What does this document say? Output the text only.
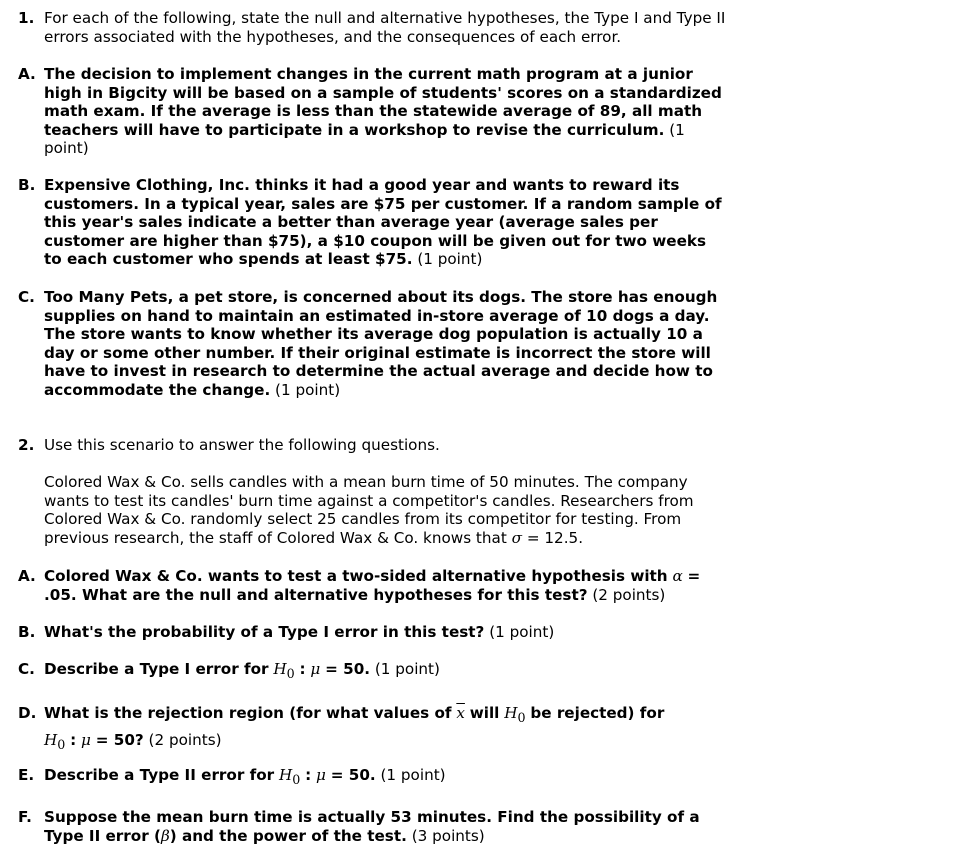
1. For each of the following, state the null and alternative hypotheses, the Type I and Type II errors associated with the hypotheses, and the consequences of each error.
A. The decision to implement changes in the current math program at a junior high in Bigcity will be based on a sample of students' scores on a standardized math exam. If the average is less than the statewide average of 89, all math teachers will have to participate in a workshop to revise the curriculum. (1 point)
B. Expensive Clothing, Inc. thinks it had a good year and wants to reward its customers. In a typical year, sales are $75 per customer. If a random sample of this year's sales indicate a better than average year (average sales per customer are higher than $75), a $10 coupon will be given out for two weeks to each customer who spends at least $75. (1 point)
C. Too Many Pets, a pet store, is concerned about its dogs. The store has enough supplies on hand to maintain an estimated in-store average of 10 dogs a day. The store wants to know whether its average dog population is actually 10 a day or some other number. If their original estimate is incorrect the store will have to invest in research to determine the actual average and decide how to accommodate the change. (1 point)
2. Use this scenario to answer the following questions.
Colored Wax & Co. sells candles with a mean burn time of 50 minutes. The company wants to test its candles' burn time against a competitor's candles. Researchers from Colored Wax & Co. randomly select 25 candles from its competitor for testing. From previous research, the staff of Colored Wax & Co. knows that σ = 12.5.
A. Colored Wax & Co. wants to test a two-sided alternative hypothesis with α = .05. What are the null and alternative hypotheses for this test? (2 points)
B. What's the probability of a Type I error in this test? (1 point)
C. Describe a Type I error for $H_0$ : μ = 50. (1 point)
D. What is the rejection region (for what values of $\overline{x}$ will $H_0$ be rejected) for
$H_0$ : μ = 50? (2 points)
E. Describe a Type II error for $H_0$ : μ = 50. (1 point)
F. Suppose the mean burn time is actually 53 minutes. Find the possibility of a Type II error (β) and the power of the test. (3 points)
